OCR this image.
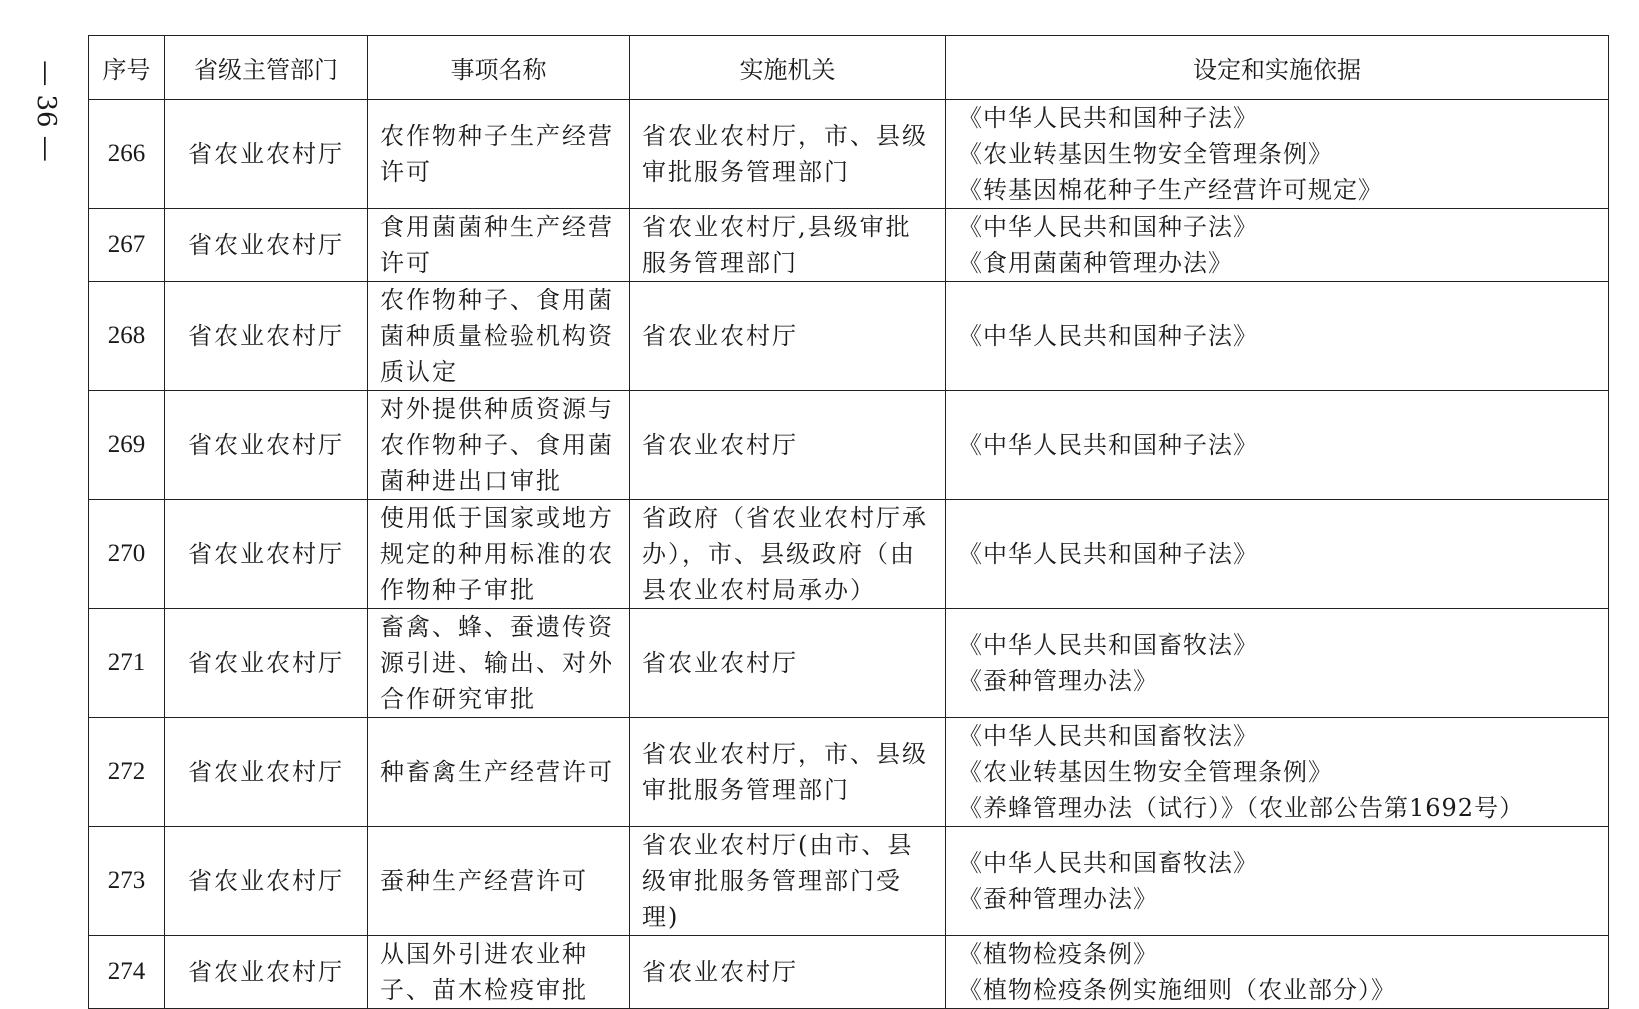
— 36 — 序号	省级主管部门	事项名称	实施机关	设定和实施依据
266	省农业农村厅	农作物种子生产经营许可	省农业农村厅，市、县级审批服务管理部门	《中华人民共和国种子法》
《农业转基因生物安全管理条例》
《转基因棉花种子生产经营许可规定》

267	省农业农村厅	食用菌菌种生产经营许可	省农业农村厅,县级审批服务管理部门	《中华人民共和国种子法》
《食用菌菌种管理办法》

268	省农业农村厅	农作物种子、食用菌菌种质量检验机构资质认定	省农业农村厅	《中华人民共和国种子法》

269	省农业农村厅	对外提供种质资源与农作物种子、食用菌菌种进出口审批	省农业农村厅	《中华人民共和国种子法》

270	省农业农村厅	使用低于国家或地方规定的种用标准的农作物种子审批	省政府（省农业农村厅承办），市、县级政府（由县农业农村局承办）	《中华人民共和国种子法》

271	省农业农村厅	畜禽、蜂、蚕遗传资源引进、输出、对外合作研究审批	省农业农村厅	《中华人民共和国畜牧法》
《蚕种管理办法》

272	省农业农村厅	种畜禽生产经营许可	省农业农村厅，市、县级审批服务管理部门	《中华人民共和国畜牧法》
《农业转基因生物安全管理条例》
《养蜂管理办法（试行）》（农业部公告第1692号）

273	省农业农村厅	蚕种生产经营许可	省农业农村厅(由市、县级审批服务管理部门受理)	《中华人民共和国畜牧法》
《蚕种管理办法》

274	省农业农村厅	从国外引进农业种子、苗木检疫审批	省农业农村厅	《植物检疫条例》
《植物检疫条例实施细则（农业部分）》
